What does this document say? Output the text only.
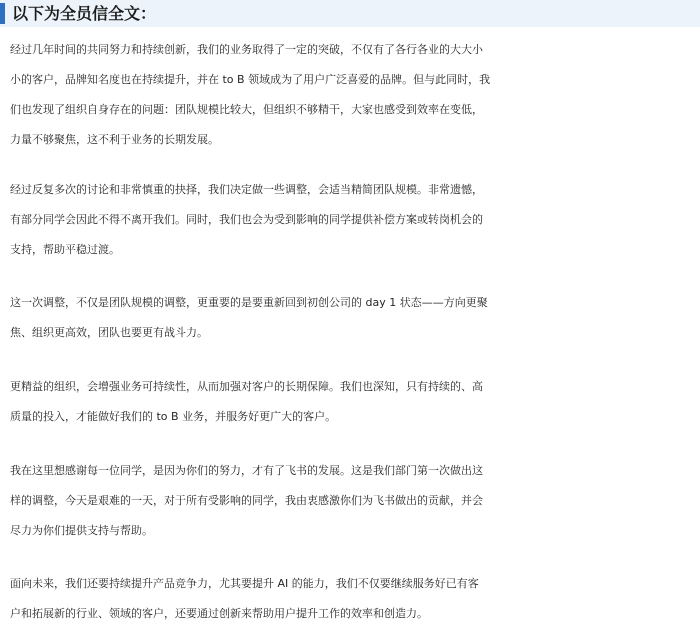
以下为全员信全文：
经过几年时间的共同努力和持续创新，我们的业务取得了一定的突破，不仅有了各行各业的大大小
小的客户，品牌知名度也在持续提升，并在 to B 领域成为了用户广泛喜爱的品牌。但与此同时，我
们也发现了组织自身存在的问题：团队规模比较大，但组织不够精干，大家也感受到效率在变低，
力量不够聚焦，这不利于业务的长期发展。
经过反复多次的讨论和非常慎重的抉择，我们决定做一些调整，会适当精简团队规模。非常遗憾，
有部分同学会因此不得不离开我们。同时，我们也会为受到影响的同学提供补偿方案或转岗机会的
支持，帮助平稳过渡。
这一次调整，不仅是团队规模的调整，更重要的是要重新回到初创公司的 day 1 状态——方向更聚
焦、组织更高效，团队也要更有战斗力。
更精益的组织，会增强业务可持续性，从而加强对客户的长期保障。我们也深知，只有持续的、高
质量的投入，才能做好我们的 to B 业务，并服务好更广大的客户。
我在这里想感谢每一位同学，是因为你们的努力，才有了飞书的发展。这是我们部门第一次做出这
样的调整，今天是艰难的一天，对于所有受影响的同学，我由衷感激你们为飞书做出的贡献，并会
尽力为你们提供支持与帮助。
面向未来，我们还要持续提升产品竞争力，尤其要提升 AI 的能力，我们不仅要继续服务好已有客
户和拓展新的行业、领域的客户，还要通过创新来帮助用户提升工作的效率和创造力。
